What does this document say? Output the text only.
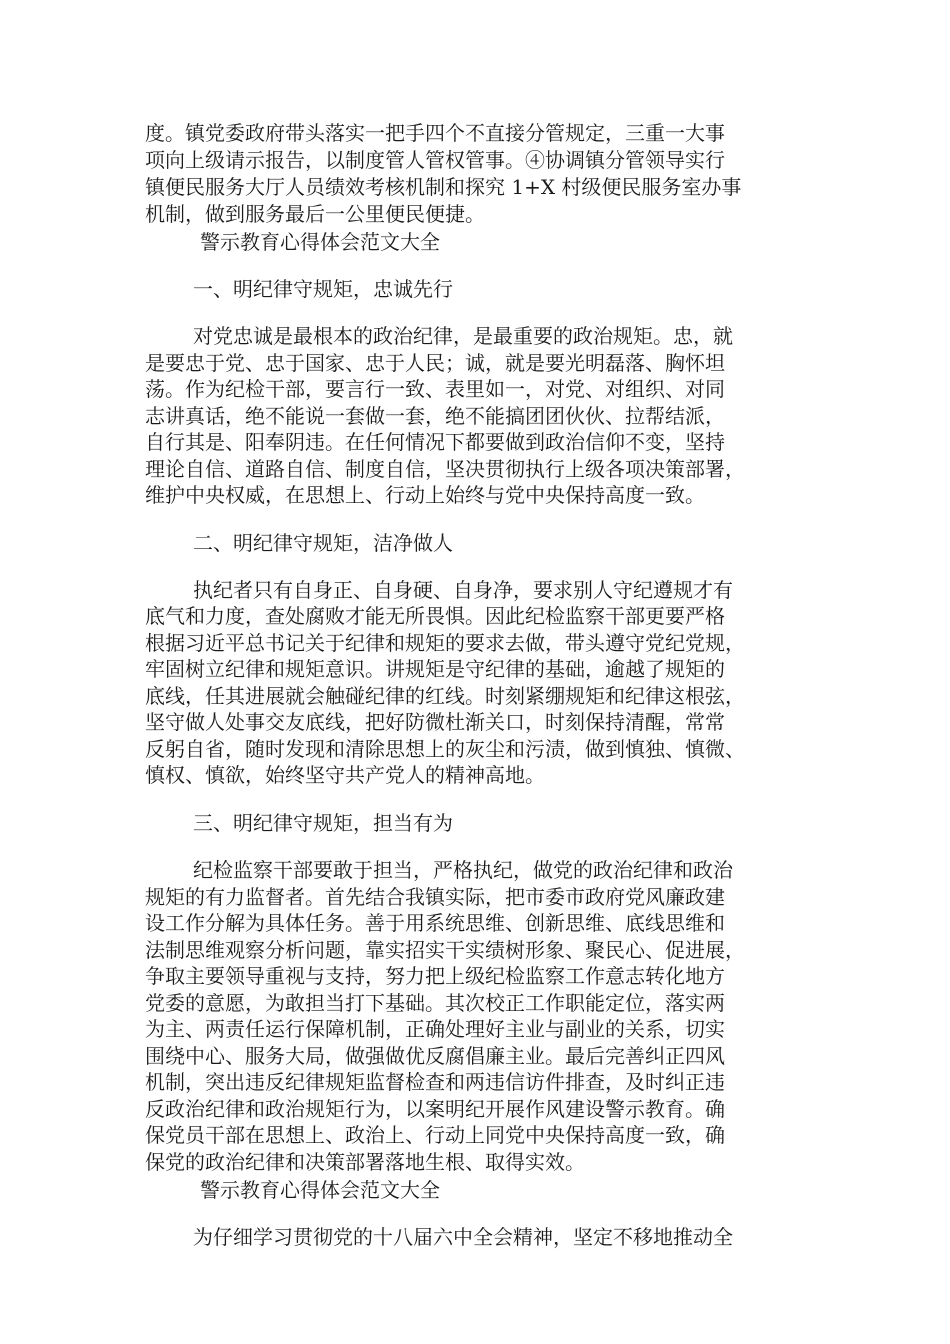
度。镇党委政府带头落实一把手四个不直接分管规定，三重一大事
项向上级请示报告，以制度管人管权管事。④协调镇分管领导实行
镇便民服务大厅人员绩效考核机制和探究 1+X 村级便民服务室办事
机制，做到服务最后一公里便民便捷。
警示教育心得体会范文大全
一、明纪律守规矩，忠诚先行
对党忠诚是最根本的政治纪律，是最重要的政治规矩。忠，就
是要忠于党、忠于国家、忠于人民；诚，就是要光明磊落、胸怀坦
荡。作为纪检干部，要言行一致、表里如一，对党、对组织、对同
志讲真话，绝不能说一套做一套，绝不能搞团团伙伙、拉帮结派，
自行其是、阳奉阴违。在任何情况下都要做到政治信仰不变，坚持
理论自信、道路自信、制度自信，坚决贯彻执行上级各项决策部署，
维护中央权威，在思想上、行动上始终与党中央保持高度一致。
二、明纪律守规矩，洁净做人
执纪者只有自身正、自身硬、自身净，要求别人守纪遵规才有
底气和力度，查处腐败才能无所畏惧。因此纪检监察干部更要严格
根据习近平总书记关于纪律和规矩的要求去做，带头遵守党纪党规，
牢固树立纪律和规矩意识。讲规矩是守纪律的基础，逾越了规矩的
底线，任其进展就会触碰纪律的红线。时刻紧绷规矩和纪律这根弦，
坚守做人处事交友底线，把好防微杜渐关口，时刻保持清醒，常常
反躬自省，随时发现和清除思想上的灰尘和污渍，做到慎独、慎微、
慎权、慎欲，始终坚守共产党人的精神高地。
三、明纪律守规矩，担当有为
纪检监察干部要敢于担当，严格执纪，做党的政治纪律和政治
规矩的有力监督者。首先结合我镇实际，把市委市政府党风廉政建
设工作分解为具体任务。善于用系统思维、创新思维、底线思维和
法制思维观察分析问题，靠实招实干实绩树形象、聚民心、促进展，
争取主要领导重视与支持，努力把上级纪检监察工作意志转化地方
党委的意愿，为敢担当打下基础。其次校正工作职能定位，落实两
为主、两责任运行保障机制，正确处理好主业与副业的关系，切实
围绕中心、服务大局，做强做优反腐倡廉主业。最后完善纠正四风
机制，突出违反纪律规矩监督检查和两违信访件排查，及时纠正违
反政治纪律和政治规矩行为，以案明纪开展作风建设警示教育。确
保党员干部在思想上、政治上、行动上同党中央保持高度一致，确
保党的政治纪律和决策部署落地生根、取得实效。
警示教育心得体会范文大全
为仔细学习贯彻党的十八届六中全会精神，坚定不移地推动全
